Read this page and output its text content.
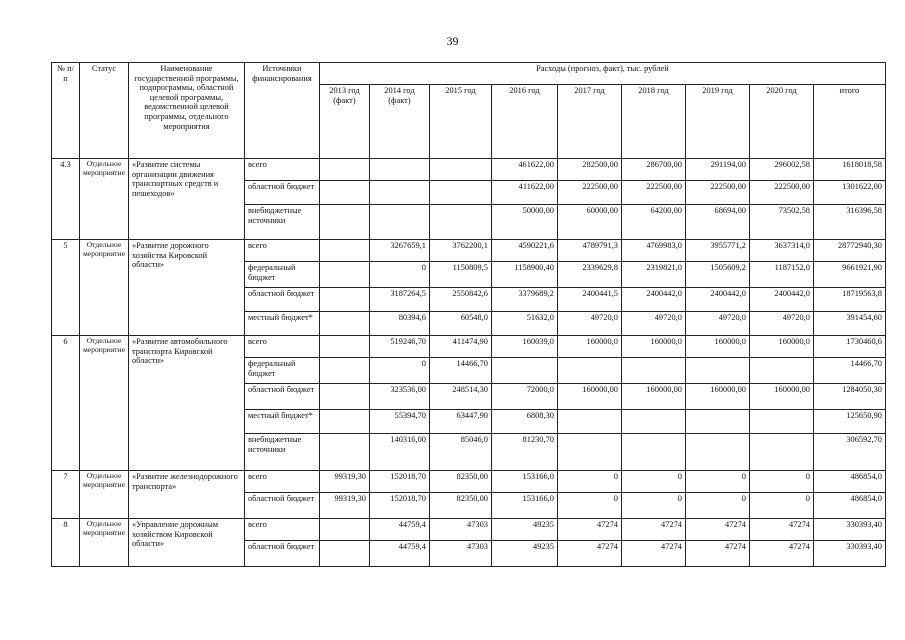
39
№ п/п	Статус	Наименование государственной программы, подпрограммы, областной целевой программы, ведомственной целевой программы, отдельного мероприятия	Источники финансирования	Расходы (прогноз, факт), тыс. рублей								
				2013 год (факт)	2014 год (факт)	2015 год	2016 год	2017 год	2018 год	2019 год	2020 год	итого
4.3	Отдельное мероприятие	«Развитие системы организации движения транспортных средств и пешеходов»	всего				461622,00	282500,00	286700,00	291194,00	296002,58	1618018,58
			областной бюджет				411622,00	222500,00	222500,00	222500,00	222500,00	1301622,00
			внебюджетные источники				50000,00	60000,00	64200,00	68694,00	73502,58	316396,58
5	Отдельное мероприятие	«Развитие дорожного хозяйства Кировской области»	всего		3267659,1	3762200,1	4590221,6	4789791,3	4769983,0	3955771,2	3637314,0	28772940,30
			федеральный бюджет		0	1150809,5	1158900,40	2339629,8	2319821,0	1505609,2	1187152,0	9661921,90
			областной бюджет		3187264,5	2550842,6	3379689,2	2400441,5	2400442,0	2400442,0	2400442,0	18719563,8
			местный бюджет*		80394,6	60548,0	51632,0	49720,0	49720,0	49720,0	49720,0	391454,60
6	Отдельное мероприятие	«Развитие автомобильного транспорта Кировской области»	всего		519246,70	411474,90	160039,0	160000,0	160000,0	160000,0	160000,0	1730460,6
			федеральный бюджет		0	14466,70						14466,70
			областной бюджет		323536,00	248514,30	72000,0	160000,00	160000,00	160000,00	160000,00	1284050,30
			местный бюджет*		55394,70	63447,90	6808,30					125650,90
			внебюджетные источники		140316,00	85046,0	81230,70					306592,70
7	Отдельное мероприятие	«Развитие железнодорожного транспорта»	всего	99319,30	152018,70	82350,00	153166,0	0	0	0	0	486854,0
			областной бюджет	99319,30	152018,70	82350,00	153166,0	0	0	0	0	486854,0
8	Отдельное мероприятие	«Управление дорожным хозяйством Кировской области»	всего		44759,4	47303	49235	47274	47274	47274	47274	330393,40
			областной бюджет		44759,4	47303	49235	47274	47274	47274	47274	330393,40
